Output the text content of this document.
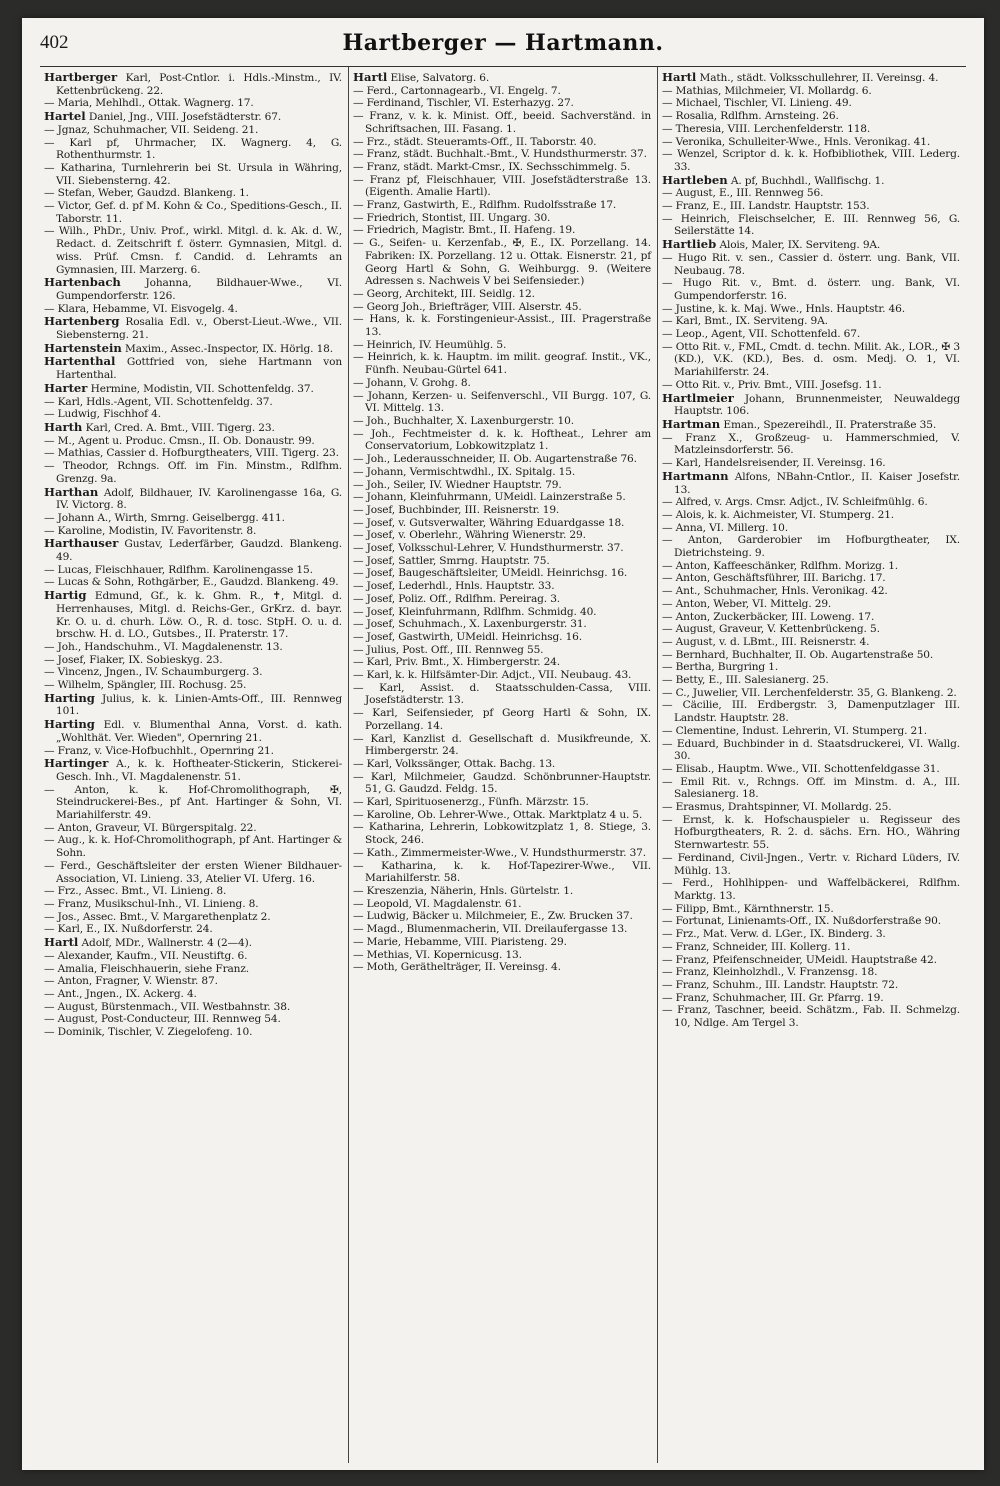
402	Hartberger — Hartmann.

Hartberger Karl, Post-Cntlor. i. Hdls.-Minstm., IV. Kettenbrückeng. 22.

— Maria, Mehlhdl., Ottak. Wagnerg. 17.

Hartel Daniel, Jng., VIII. Josefstädterstr. 67.

— Jgnaz, Schuhmacher, VII. Seideng. 21.

— Karl pf, Uhrmacher, IX. Wagnerg. 4, G. Rothenthurmstr. 1.

— Katharina, Turnlehrerin bei St. Ursula in Währing, VII. Siebensterng. 42.

— Stefan, Weber, Gaudzd. Blankeng. 1.

— Victor, Gef. d. pf M. Kohn & Co., Speditions-Gesch., II. Taborstr. 11.

— Wilh., PhDr., Univ. Prof., wirkl. Mitgl. d. k. Ak. d. W., Redact. d. Zeitschrift f. österr. Gymnasien, Mitgl. d. wiss. Prüf. Cmsn. f. Candid. d. Lehramts an Gymnasien, III. Marzerg. 6.

Hartenbach Johanna, Bildhauer-Wwe., VI. Gumpendorferstr. 126.

— Klara, Hebamme, VI. Eisvogelg. 4.

Hartenberg Rosalia Edl. v., Oberst-Lieut.-Wwe., VII. Siebensterng. 21.

Hartenstein Maxim., Assec.-Inspector, IX. Hörlg. 18.

Hartenthal Gottfried von, siehe Hartmann von Hartenthal.

Harter Hermine, Modistin, VII. Schottenfeldg. 37.

— Karl, Hdls.-Agent, VII. Schottenfeldg. 37.

— Ludwig, Fischhof 4.

Harth Karl, Cred. A. Bmt., VIII. Tigerg. 23.

— M., Agent u. Produc. Cmsn., II. Ob. Donaustr. 99.

— Mathias, Cassier d. Hofburgtheaters, VIII. Tigerg. 23.

— Theodor, Rchngs. Off. im Fin. Minstm., Rdlfhm. Grenzg. 9a.

Harthan Adolf, Bildhauer, IV. Karolinengasse 16a, G. IV. Victorg. 8.

— Johann A., Wirth, Smrng. Geiselbergg. 411.

— Karoline, Modistin, IV. Favoritenstr. 8.

Harthauser Gustav, Lederfärber, Gaudzd. Blankeng. 49.

— Lucas, Fleischhauer, Rdlfhm. Karolinengasse 15.

— Lucas & Sohn, Rothgärber, E., Gaudzd. Blankeng. 49.

Hartig Edmund, Gf., k. k. Ghm. R., ✝, Mitgl. d. Herrenhauses, Mitgl. d. Reichs-Ger., GrKrz. d. bayr. Kr. O. u. d. churh. Löw. O., R. d. tosc. StpH. O. u. d. brschw. H. d. LO., Gutsbes., II. Praterstr. 17.

— Joh., Handschuhm., VI. Magdalenenstr. 13.

— Josef, Fiaker, IX. Sobieskyg. 23.

— Vincenz, Jngen., IV. Schaumburgerg. 3.

— Wilhelm, Spängler, III. Rochusg. 25.

Harting Julius, k. k. Linien-Amts-Off., III. Rennweg 101.

Harting Edl. v. Blumenthal Anna, Vorst. d. kath. „Wohlthät. Ver. Wieden", Opernring 21.

— Franz, v. Vice-Hofbuchhlt., Opernring 21.

Hartinger A., k. k. Hoftheater-Stickerin, Stickerei-Gesch. Inh., VI. Magdalenenstr. 51.

— Anton, k. k. Hof-Chromolithograph, ✠, Steindruckerei-Bes., pf Ant. Hartinger & Sohn, VI. Mariahilferstr. 49.

— Anton, Graveur, VI. Bürgerspitalg. 22.

— Aug., k. k. Hof-Chromolithograph, pf Ant. Hartinger & Sohn.

— Ferd., Geschäftsleiter der ersten Wiener Bildhauer-Association, VI. Linieng. 33, Atelier VI. Uferg. 16.

— Frz., Assec. Bmt., VI. Linieng. 8.

— Franz, Musikschul-Inh., VI. Linieng. 8.

— Jos., Assec. Bmt., V. Margarethenplatz 2.

— Karl, E., IX. Nußdorferstr. 24.

Hartl Adolf, MDr., Wallnerstr. 4 (2—4).

— Alexander, Kaufm., VII. Neustiftg. 6.

— Amalia, Fleischhauerin, siehe Franz.

— Anton, Fragner, V. Wienstr. 87.

— Ant., Jngen., IX. Ackerg. 4.

— August, Bürstenmach., VII. Westbahnstr. 38.

— August, Post-Conducteur, III. Rennweg 54.

— Dominik, Tischler, V. Ziegelofeng. 10.

Hartl Elise, Salvatorg. 6.

— Ferd., Cartonnagearb., VI. Engelg. 7.

— Ferdinand, Tischler, VI. Esterhazyg. 27.

— Franz, v. k. k. Minist. Off., beeid. Sachverständ. in Schriftsachen, III. Fasang. 1.

— Frz., städt. Steueramts-Off., II. Taborstr. 40.

— Franz, städt. Buchhalt.-Bmt., V. Hundsthurmerstr. 37.

— Franz, städt. Markt-Cmsr., IX. Sechsschimmelg. 5.

— Franz pf, Fleischhauer, VIII. Josefstädterstraße 13. (Eigenth. Amalie Hartl).

— Franz, Gastwirth, E., Rdlfhm. Rudolfsstraße 17.

— Friedrich, Stontist, III. Ungarg. 30.

— Friedrich, Magistr. Bmt., II. Hafeng. 19.

— G., Seifen- u. Kerzenfab., ✠, E., IX. Porzellang. 14. Fabriken: IX. Porzellang. 12 u. Ottak. Eisnerstr. 21, pf Georg Hartl & Sohn, G. Weihburgg. 9. (Weitere Adressen s. Nachweis V bei Seifensieder.)

— Georg, Architekt, III. Seidlg. 12.

— Georg Joh., Briefträger, VIII. Alserstr. 45.

— Hans, k. k. Forstingenieur-Assist., III. Pragerstraße 13.

— Heinrich, IV. Heumühlg. 5.

— Heinrich, k. k. Hauptm. im milit. geograf. Instit., VK., Fünfh. Neubau-Gürtel 641.

— Johann, V. Grohg. 8.

— Johann, Kerzen- u. Seifenverschl., VII Burgg. 107, G. VI. Mittelg. 13.

— Joh., Buchhalter, X. Laxenburgerstr. 10.

— Joh., Fechtmeister d. k. k. Hoftheat., Lehrer am Conservatorium, Lobkowitzplatz 1.

— Joh., Lederausschneider, II. Ob. Augartenstraße 76.

— Johann, Vermischtwdhl., IX. Spitalg. 15.

— Joh., Seiler, IV. Wiedner Hauptstr. 79.

— Johann, Kleinfuhrmann, UMeidl. Lainzerstraße 5.

— Josef, Buchbinder, III. Reisnerstr. 19.

— Josef, v. Gutsverwalter, Währing Eduardgasse 18.

— Josef, v. Oberlehr., Währing Wienerstr. 29.

— Josef, Volksschul-Lehrer, V. Hundsthurmerstr. 37.

— Josef, Sattler, Smrng. Hauptstr. 75.

— Josef, Baugeschäftsleiter, UMeidl. Heinrichsg. 16.

— Josef, Lederhdl., Hnls. Hauptstr. 33.

— Josef, Poliz. Off., Rdlfhm. Pereirag. 3.

— Josef, Kleinfuhrmann, Rdlfhm. Schmidg. 40.

— Josef, Schuhmach., X. Laxenburgerstr. 31.

— Josef, Gastwirth, UMeidl. Heinrichsg. 16.

— Julius, Post. Off., III. Rennweg 55.

— Karl, Priv. Bmt., X. Himbergerstr. 24.

— Karl, k. k. Hilfsämter-Dir. Adjct., VII. Neubaug. 43.

— Karl, Assist. d. Staatsschulden-Cassa, VIII. Josefstädterstr. 13.

— Karl, Seifensieder, pf Georg Hartl & Sohn, IX. Porzellang. 14.

— Karl, Kanzlist d. Gesellschaft d. Musikfreunde, X. Himbergerstr. 24.

— Karl, Volkssänger, Ottak. Bachg. 13.

— Karl, Milchmeier, Gaudzd. Schönbrunner-Hauptstr. 51, G. Gaudzd. Feldg. 15.

— Karl, Spirituosenerzg., Fünfh. Märzstr. 15.

— Karoline, Ob. Lehrer-Wwe., Ottak. Marktplatz 4 u. 5.

— Katharina, Lehrerin, Lobkowitzplatz 1, 8. Stiege, 3. Stock, 246.

— Kath., Zimmermeister-Wwe., V. Hundsthurmerstr. 37.

— Katharina, k. k. Hof-Tapezirer-Wwe., VII. Mariahilferstr. 58.

— Kreszenzia, Näherin, Hnls. Gürtelstr. 1.

— Leopold, VI. Magdalenstr. 61.

— Ludwig, Bäcker u. Milchmeier, E., Zw. Brucken 37.

— Magd., Blumenmacherin, VII. Dreilaufergasse 13.

— Marie, Hebamme, VIII. Piaristeng. 29.

— Methias, VI. Kopernicusg. 13.

— Moth, Geräthelträger, II. Vereinsg. 4.

Hartl Math., städt. Volksschullehrer, II. Vereinsg. 4.

— Mathias, Milchmeier, VI. Mollardg. 6.

— Michael, Tischler, VI. Linieng. 49.

— Rosalia, Rdlfhm. Arnsteing. 26.

— Theresia, VIII. Lerchenfelderstr. 118.

— Veronika, Schulleiter-Wwe., Hnls. Veronikag. 41.

— Wenzel, Scriptor d. k. k. Hofbibliothek, VIII. Lederg. 33.

Hartleben A. pf, Buchhdl., Wallfischg. 1.

— August, E., III. Rennweg 56.

— Franz, E., III. Landstr. Hauptstr. 153.

— Heinrich, Fleischselcher, E. III. Rennweg 56, G. Seilerstätte 14.

Hartlieb Alois, Maler, IX. Serviteng. 9A.

— Hugo Rit. v. sen., Cassier d. österr. ung. Bank, VII. Neubaug. 78.

— Hugo Rit. v., Bmt. d. österr. ung. Bank, VI. Gumpendorferstr. 16.

— Justine, k. k. Maj. Wwe., Hnls. Hauptstr. 46.

— Karl, Bmt., IX. Serviteng. 9A.

— Leop., Agent, VII. Schottenfeld. 67.

— Otto Rit. v., FML, Cmdt. d. techn. Milit. Ak., LOR., ✠ 3 (KD.), V.K. (KD.), Bes. d. osm. Medj. O. 1, VI. Mariahilferstr. 24.

— Otto Rit. v., Priv. Bmt., VIII. Josefsg. 11.

Hartlmeier Johann, Brunnenmeister, Neuwaldegg Hauptstr. 106.

Hartman Eman., Spezereihdl., II. Praterstraße 35.

— Franz X., Großzeug- u. Hammerschmied, V. Matzleinsdorferstr. 56.

— Karl, Handelsreisender, II. Vereinsg. 16.

Hartmann Alfons, NBahn-Cntlor., II. Kaiser Josefstr. 13.

— Alfred, v. Args. Cmsr. Adjct., IV. Schleifmühlg. 6.

— Alois, k. k. Aichmeister, VI. Stumperg. 21.

— Anna, VI. Millerg. 10.

— Anton, Garderobier im Hofburgtheater, IX. Dietrichsteing. 9.

— Anton, Kaffeeschänker, Rdlfhm. Morizg. 1.

— Anton, Geschäftsführer, III. Barichg. 17.

— Ant., Schuhmacher, Hnls. Veronikag. 42.

— Anton, Weber, VI. Mittelg. 29.

— Anton, Zuckerbäcker, III. Loweng. 17.

— August, Graveur, V. Kettenbrückeng. 5.

— August, v. d. LBmt., III. Reisnerstr. 4.

— Bernhard, Buchhalter, II. Ob. Augartenstraße 50.

— Bertha, Burgring 1.

— Betty, E., III. Salesianerg. 25.

— C., Juwelier, VII. Lerchenfelderstr. 35, G. Blankeng. 2.

— Cäcilie, III. Erdbergstr. 3, Damenputzlager III. Landstr. Hauptstr. 28.

— Clementine, Indust. Lehrerin, VI. Stumperg. 21.

— Eduard, Buchbinder in d. Staatsdruckerei, VI. Wallg. 30.

— Elisab., Hauptm. Wwe., VII. Schottenfeldgasse 31.

— Emil Rit. v., Rchngs. Off. im Minstm. d. A., III. Salesianerg. 18.

— Erasmus, Drahtspinner, VI. Mollardg. 25.

— Ernst, k. k. Hofschauspieler u. Regisseur des Hofburgtheaters, R. 2. d. sächs. Ern. HO., Währing Sternwartestr. 55.

— Ferdinand, Civil-Jngen., Vertr. v. Richard Lüders, IV. Mühlg. 13.

— Ferd., Hohlhippen- und Waffelbäckerei, Rdlfhm. Marktg. 13.

— Filipp, Bmt., Kärnthnerstr. 15.

— Fortunat, Linienamts-Off., IX. Nußdorferstraße 90.

— Frz., Mat. Verw. d. LGer., IX. Binderg. 3.

— Franz, Schneider, III. Kollerg. 11.

— Franz, Pfeifenschneider, UMeidl. Hauptstraße 42.

— Franz, Kleinholzhdl., V. Franzensg. 18.

— Franz, Schuhm., III. Landstr. Hauptstr. 72.

— Franz, Schuhmacher, III. Gr. Pfarrg. 19.

— Franz, Taschner, beeid. Schätzm., Fab. II. Schmelzg. 10, Ndlge. Am Tergel 3.
